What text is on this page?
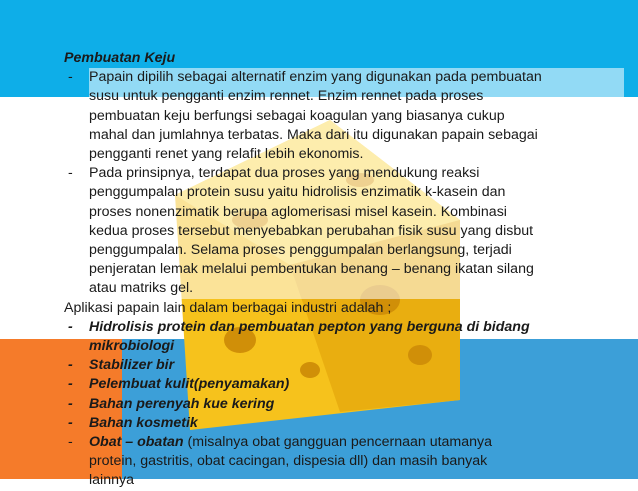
Pembuatan Keju

- Papain dipilih sebagai alternatif enzim yang digunakan pada pembuatan
susu untuk pengganti enzim rennet. Enzim rennet pada proses
pembuatan keju berfungsi sebagai koagulan yang biasanya cukup
mahal dan jumlahnya terbatas. Maka dari itu digunakan papain sebagai
pengganti renet yang relafit lebih ekonomis.
- Pada prinsipnya, terdapat dua proses yang mendukung reaksi
penggumpalan protein susu yaitu hidrolisis enzimatik k-kasein dan
proses nonenzimatik berupa aglomerisasi misel kasein. Kombinasi
kedua proses tersebut menyebabkan perubahan fisik susu yang disbut
penggumpalan. Selama proses penggumpalan berlangsung, terjadi
penjeratan lemak melalui pembentukan benang – benang ikatan silang
atau matriks gel.

Aplikasi papain lain dalam berbagai industri adalah ;

- Hidrolisis protein dan pembuatan pepton yang berguna di bidang
mikrobiologi
- Stabilizer bir
- Pelembuat kulit(penyamakan)
- Bahan perenyah kue kering
- Bahan kosmetik
- Obat – obatan (misalnya obat gangguan pencernaan utamanya
protein, gastritis, obat cacingan, dispesia dll) dan masih banyak
lainnya
